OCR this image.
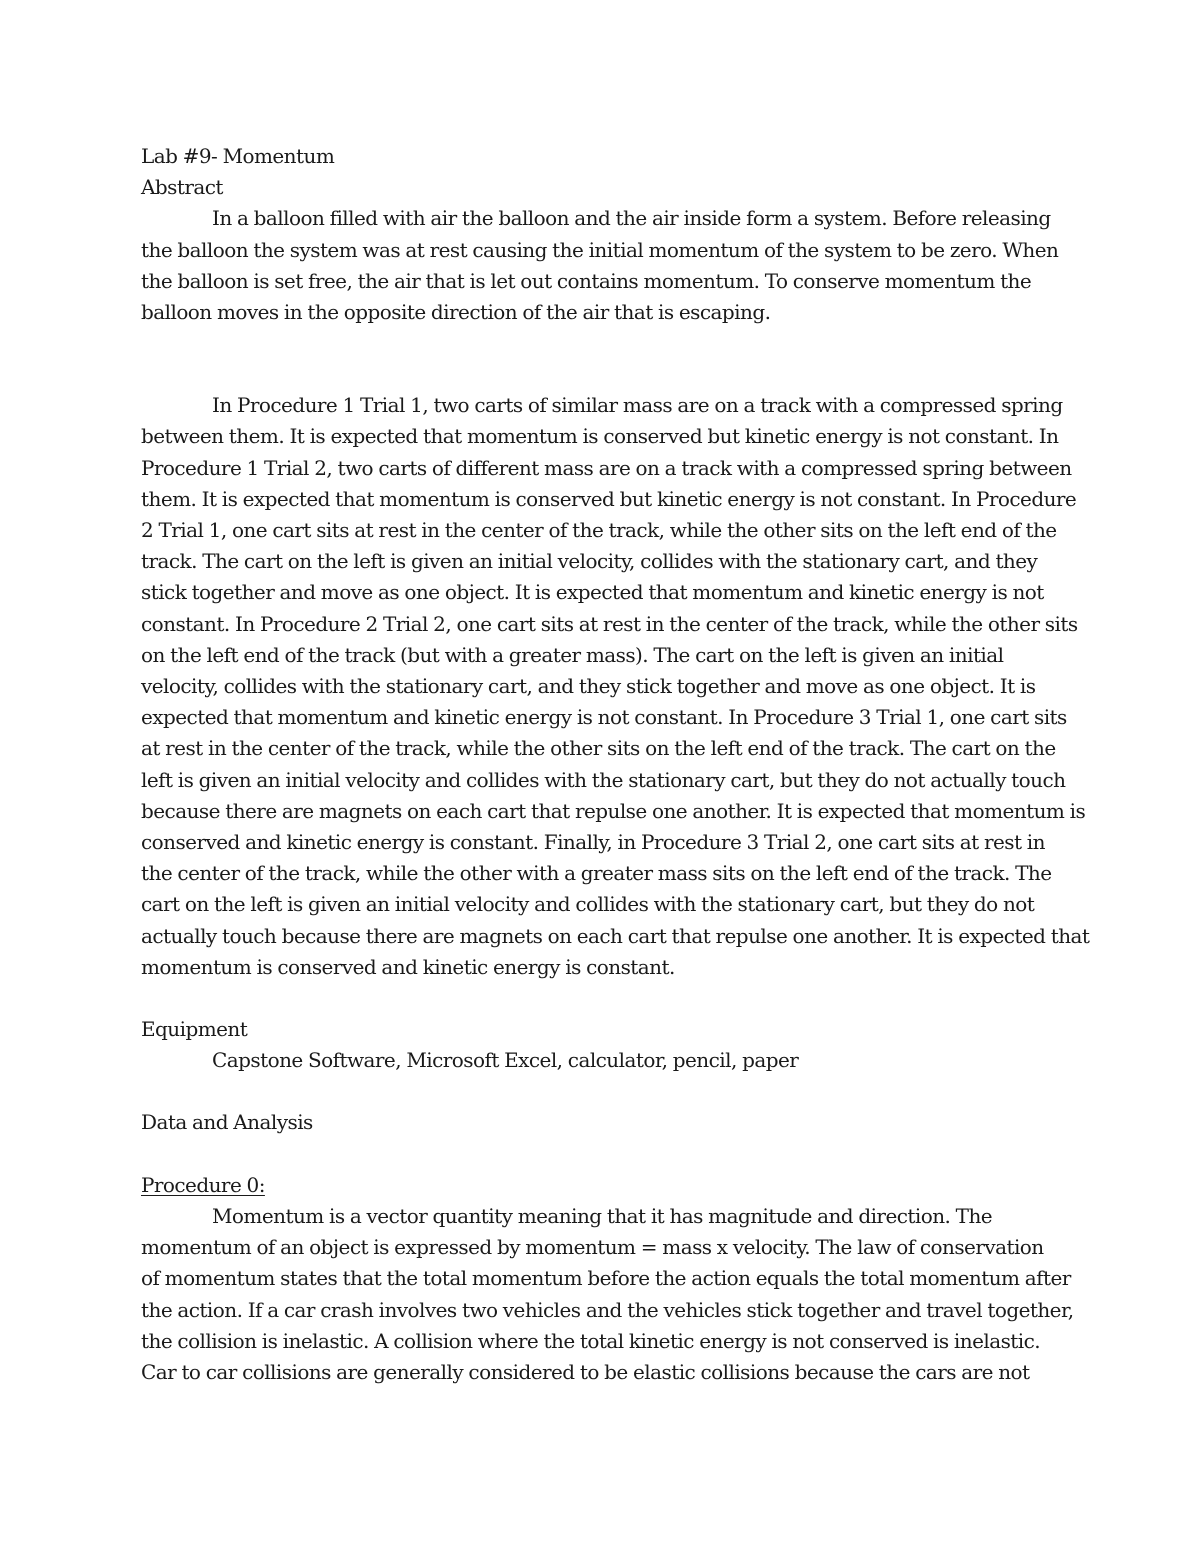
Lab #9- Momentum
Abstract
In a balloon filled with air the balloon and the air inside form a system. Before releasing
the balloon the system was at rest causing the initial momentum of the system to be zero. When
the balloon is set free, the air that is let out contains momentum. To conserve momentum the
balloon moves in the opposite direction of the air that is escaping.
In Procedure 1 Trial 1, two carts of similar mass are on a track with a compressed spring
between them. It is expected that momentum is conserved but kinetic energy is not constant. In
Procedure 1 Trial 2, two carts of different mass are on a track with a compressed spring between
them. It is expected that momentum is conserved but kinetic energy is not constant. In Procedure
2 Trial 1, one cart sits at rest in the center of the track, while the other sits on the left end of the
track. The cart on the left is given an initial velocity, collides with the stationary cart, and they
stick together and move as one object. It is expected that momentum and kinetic energy is not
constant. In Procedure 2 Trial 2, one cart sits at rest in the center of the track, while the other sits
on the left end of the track (but with a greater mass). The cart on the left is given an initial
velocity, collides with the stationary cart, and they stick together and move as one object. It is
expected that momentum and kinetic energy is not constant. In Procedure 3 Trial 1, one cart sits
at rest in the center of the track, while the other sits on the left end of the track. The cart on the
left is given an initial velocity and collides with the stationary cart, but they do not actually touch
because there are magnets on each cart that repulse one another. It is expected that momentum is
conserved and kinetic energy is constant. Finally, in Procedure 3 Trial 2, one cart sits at rest in
the center of the track, while the other with a greater mass sits on the left end of the track. The
cart on the left is given an initial velocity and collides with the stationary cart, but they do not
actually touch because there are magnets on each cart that repulse one another. It is expected that
momentum is conserved and kinetic energy is constant.
Equipment
Capstone Software, Microsoft Excel, calculator, pencil, paper
Data and Analysis
Procedure 0:
Momentum is a vector quantity meaning that it has magnitude and direction. The
momentum of an object is expressed by momentum = mass x velocity. The law of conservation
of momentum states that the total momentum before the action equals the total momentum after
the action. If a car crash involves two vehicles and the vehicles stick together and travel together,
the collision is inelastic. A collision where the total kinetic energy is not conserved is inelastic.
Car to car collisions are generally considered to be elastic collisions because the cars are not
